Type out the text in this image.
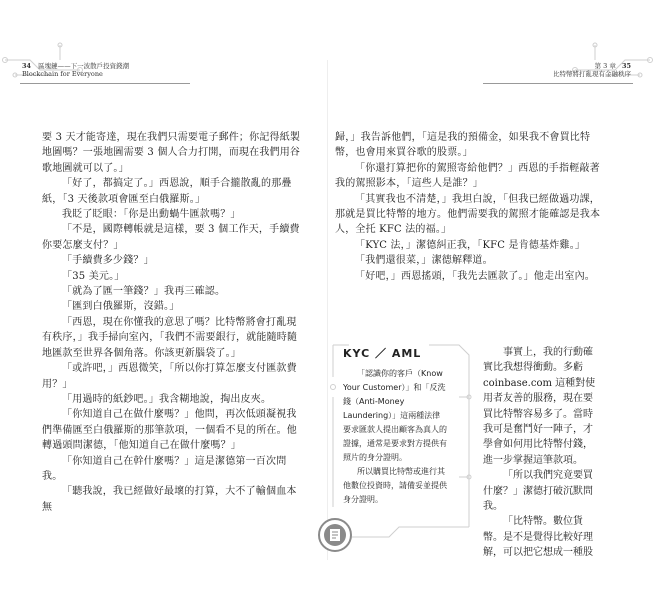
34 區塊鏈——下一波散戶投資錢潮
Blockchain for Everyone

要 3 天才能寄達，現在我們只需要電子郵件；你記得紙製地圖嗎？一張地圖需要 3 個人合力打開，而現在我們用谷歌地圖就可以了。」

「好了，都搞定了。」西恩說，順手合攏散亂的那疊紙，「3 天後款項會匯至白俄羅斯。」

我眨了眨眼：「你是出動蝸牛匯款嗎？」

「不是，國際轉帳就是這樣，要 3 個工作天，手續費你要怎麼支付？」

「手續費多少錢？」

「35 美元。」

「就為了匯一筆錢？」我再三確認。

「匯到白俄羅斯，沒錯。」

「西恩，現在你懂我的意思了嗎？比特幣將會打亂現有秩序，」我手掃向室內，「我們不需要銀行，就能隨時隨地匯款至世界各個角落。你該更新腦袋了。」

「或許吧，」西恩微笑，「所以你打算怎麼支付匯款費用？」

「用過時的紙鈔吧。」我含糊地說，掏出皮夾。

「你知道自己在做什麼嗎？」他問，再次低頭凝視我們準備匯至白俄羅斯的那筆款項，一個看不見的所在。他轉過頭問潔德，「他知道自己在做什麼嗎？」

「你知道自己在幹什麼嗎？」這是潔德第一百次問我。

「聽我說，我已經做好最壞的打算，大不了輸個血本無

第 3 章 35
比特幣將打亂現有金融秩序

歸，」我告訴他們，「這是我的預備金，如果我不會買比特幣，也會用來買谷歌的股票。」

「你還打算把你的駕照寄給他們？」西恩的手指輕敲著我的駕照影本，「這些人是誰？」

「其實我也不清楚，」我坦白說，「但我已經做過功課，那就是買比特幣的地方。他們需要我的駕照才能確認是我本人，全托 KFC 法的福。」

「KYC 法，」潔德糾正我，「KFC 是肯德基炸雞。」

「我們還很菜，」潔德解釋道。

「好吧，」西恩搖頭，「我先去匯款了。」他走出室內。

KYC ／ AML

「認識你的客戶（Know Your Customer）」和「反洗錢（Anti-Money Laundering）」這兩種法律要求匯款人提出顧客為真人的證據，通常是要求對方提供有照片的身分證明。

所以購買比特幣或進行其他數位投資時，請備妥並提供身分證明。

事實上，我的行動確實比我想得衝動。多虧 coinbase.com 這種對使用者友善的服務，現在要買比特幣容易多了。當時我可是奮鬥好一陣子，才學會如何用比特幣付錢，進一步掌握這筆款項。

「所以我們究竟要買什麼？」潔德打破沉默問我。

「比特幣。數位貨幣。是不是覺得比較好理解，可以把它想成一種股
